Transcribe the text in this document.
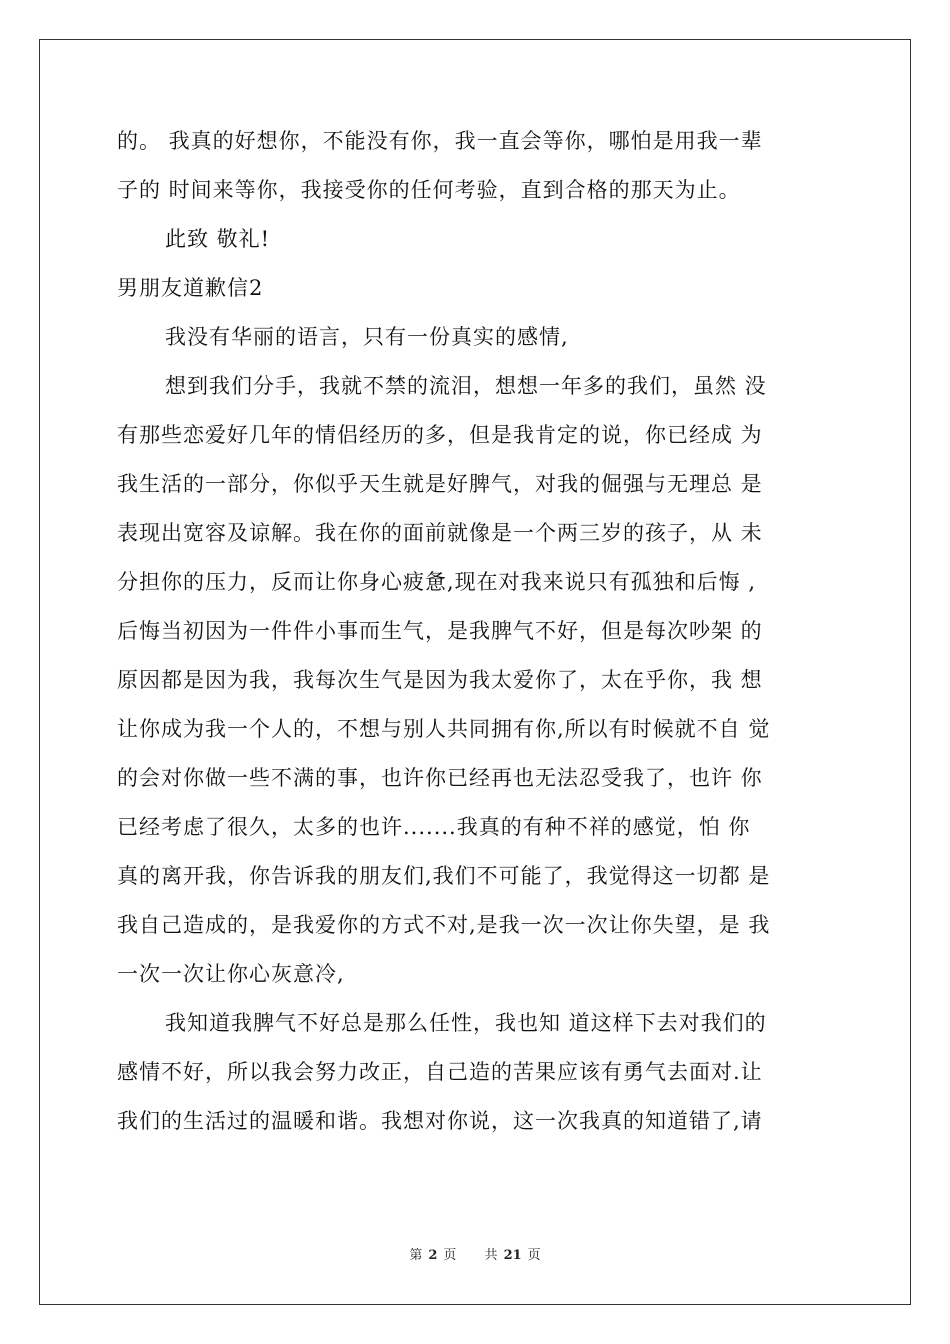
的。 我真的好想你，不能没有你，我一直会等你，哪怕是用我一辈
子的 时间来等你，我接受你的任何考验，直到合格的那天为止。
此致 敬礼!
男朋友道歉信2
我没有华丽的语言，只有一份真实的感情,
想到我们分手，我就不禁的流泪，想想一年多的我们，虽然 没
有那些恋爱好几年的情侣经历的多，但是我肯定的说，你已经成 为
我生活的一部分，你似乎天生就是好脾气，对我的倔强与无理总 是
表现出宽容及谅解。我在你的面前就像是一个两三岁的孩子，从 未
分担你的压力，反而让你身心疲惫,现在对我来说只有孤独和后悔 ,
后悔当初因为一件件小事而生气，是我脾气不好，但是每次吵架 的
原因都是因为我，我每次生气是因为我太爱你了，太在乎你，我 想
让你成为我一个人的，不想与别人共同拥有你,所以有时候就不自 觉
的会对你做一些不满的事，也许你已经再也无法忍受我了，也许 你
已经考虑了很久，太多的也许.......我真的有种不祥的感觉，怕 你
真的离开我，你告诉我的朋友们,我们不可能了，我觉得这一切都 是
我自己造成的，是我爱你的方式不对,是我一次一次让你失望，是 我
一次一次让你心灰意冷,
我知道我脾气不好总是那么任性，我也知 道这样下去对我们的
感情不好，所以我会努力改正，自己造的苦果应该有勇气去面对.让
我们的生活过的温暖和谐。我想对你说，这一次我真的知道错了,请
第 2 页 共 21 页
